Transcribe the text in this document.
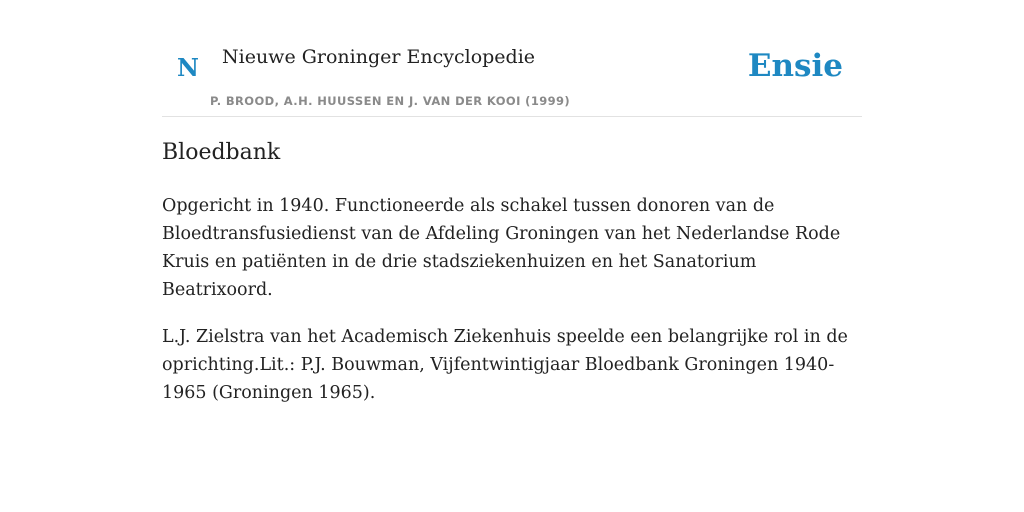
N Nieuwe Groninger Encyclopedie
P. BROOD, A.H. HUUSSEN EN J. VAN DER KOOI (1999)
Ensie
Bloedbank

Opgericht in 1940. Functioneerde als schakel tussen donoren van de Bloedtransfusiedienst van de Afdeling Groningen van het Nederlandse Rode Kruis en patiënten in de drie stadsziekenhuizen en het Sanatorium Beatrixoord.

L.J. Zielstra van het Academisch Ziekenhuis speelde een belangrijke rol in de oprichting.Lit.: P.J. Bouwman, Vijfentwintigjaar Bloedbank Groningen 1940-1965 (Groningen 1965).
